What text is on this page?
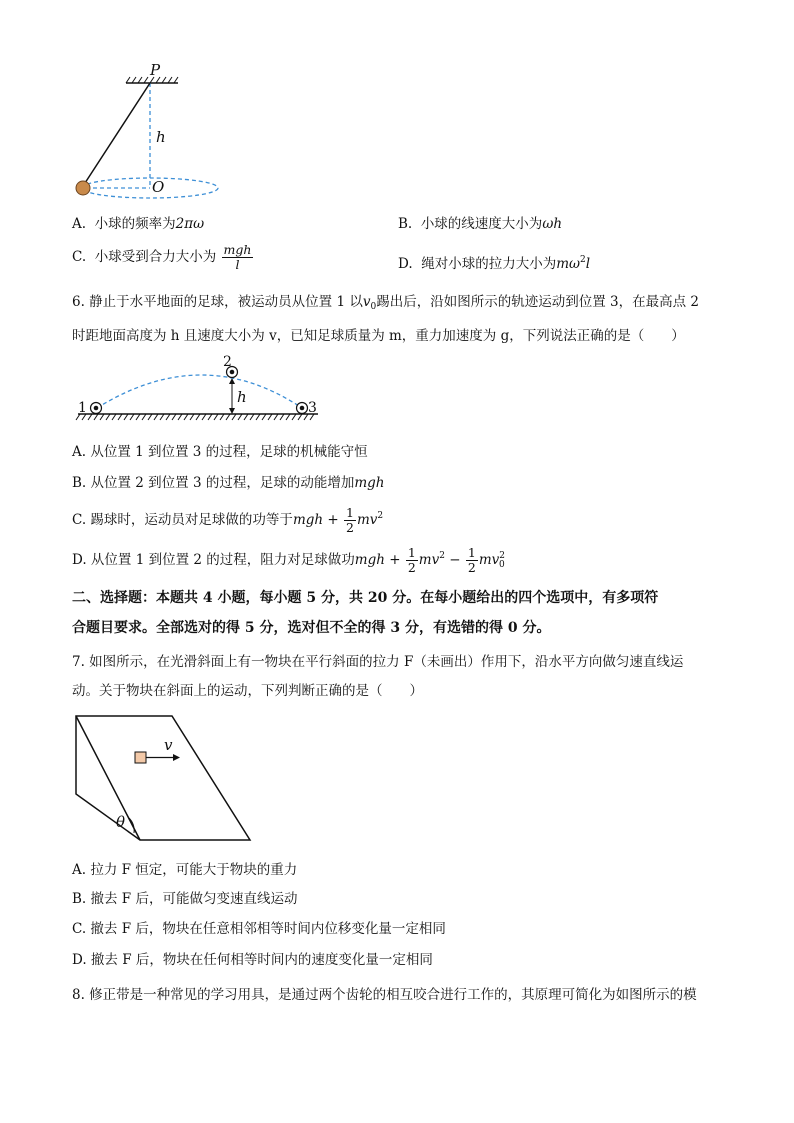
P
h
O
A. 小球的频率为2πω	B. 小球的线速度大小为ωh
C. 小球受到合力大小为 $\frac{\text{mgh}}{l}$	D. 绳对小球的拉力大小为$m\omega^2l$
6. 静止于水平地面的足球，被运动员从位置 1 以$v_0$踢出后，沿如图所示的轨迹运动到位置 3，在最高点 2
时距地面高度为 h 且速度大小为 v，已知足球质量为 m，重力加速度为 g，下列说法正确的是（　　）
h
1
2
3
A. 从位置 1 到位置 3 的过程，足球的机械能守恒
B. 从位置 2 到位置 3 的过程，足球的动能增加mgh
C. 踢球时，运动员对足球做的功等于mgh + $\frac{1}{2} mv^2$
D. 从位置 1 到位置 2 的过程，阻力对足球做功mgh + $\frac{1}{2} mv^2 - \frac{1}{2} mv^2_0$
二、选择题：本题共 4 小题，每小题 5 分，共 20 分。在每小题给出的四个选项中，有多项符
合题目要求。全部选对的得 5 分，选对但不全的得 3 分，有选错的得 0 分。
7. 如图所示，在光滑斜面上有一物块在平行斜面的拉力 F（未画出）作用下，沿水平方向做匀速直线运
动。关于物块在斜面上的运动，下列判断正确的是（　　）
θ
v
A. 拉力 F 恒定，可能大于物块的重力
B. 撤去 F 后，可能做匀变速直线运动
C. 撤去 F 后，物块在任意相邻相等时间内位移变化量一定相同
D. 撤去 F 后，物块在任何相等时间内的速度变化量一定相同
8. 修正带是一种常见的学习用具，是通过两个齿轮的相互咬合进行工作的，其原理可简化为如图所示的模
